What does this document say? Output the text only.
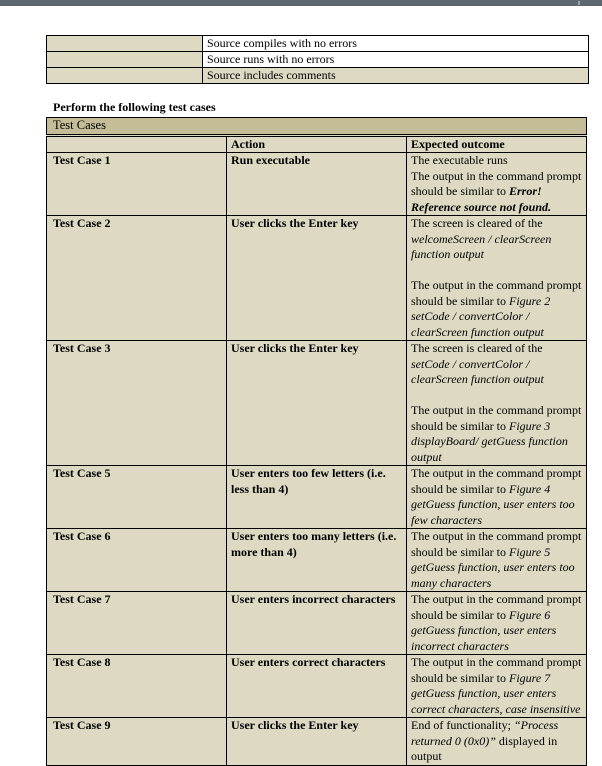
	Source compiles with no errors
	Source runs with no errors
	Source includes comments
Perform the following test cases
Test Cases		
	Action	Expected outcome
Test Case 1	Run executable	The executable runs
The output in the command prompt should be similar to Error! Reference source not found.
Test Case 2	User clicks the Enter key	The screen is cleared of the welcomeScreen / clearScreen function output
The output in the command prompt should be similar to Figure 2 setCode / convertColor / clearScreen function output
Test Case 3	User clicks the Enter key	The screen is cleared of the setCode / convertColor / clearScreen function output
The output in the command prompt should be similar to Figure 3 displayBoard/ getGuess function output
Test Case 5	User enters too few letters (i.e. less than 4)	The output in the command prompt should be similar to Figure 4 getGuess function, user enters too few characters
Test Case 6	User enters too many letters (i.e. more than 4)	The output in the command prompt should be similar to Figure 5 getGuess function, user enters too many characters
Test Case 7	User enters incorrect characters	The output in the command prompt should be similar to Figure 6 getGuess function, user enters incorrect characters
Test Case 8	User enters correct characters	The output in the command prompt should be similar to Figure 7 getGuess function, user enters correct characters, case insensitive
Test Case 9	User clicks the Enter key	End of functionality; “Process returned 0 (0x0)” displayed in output
